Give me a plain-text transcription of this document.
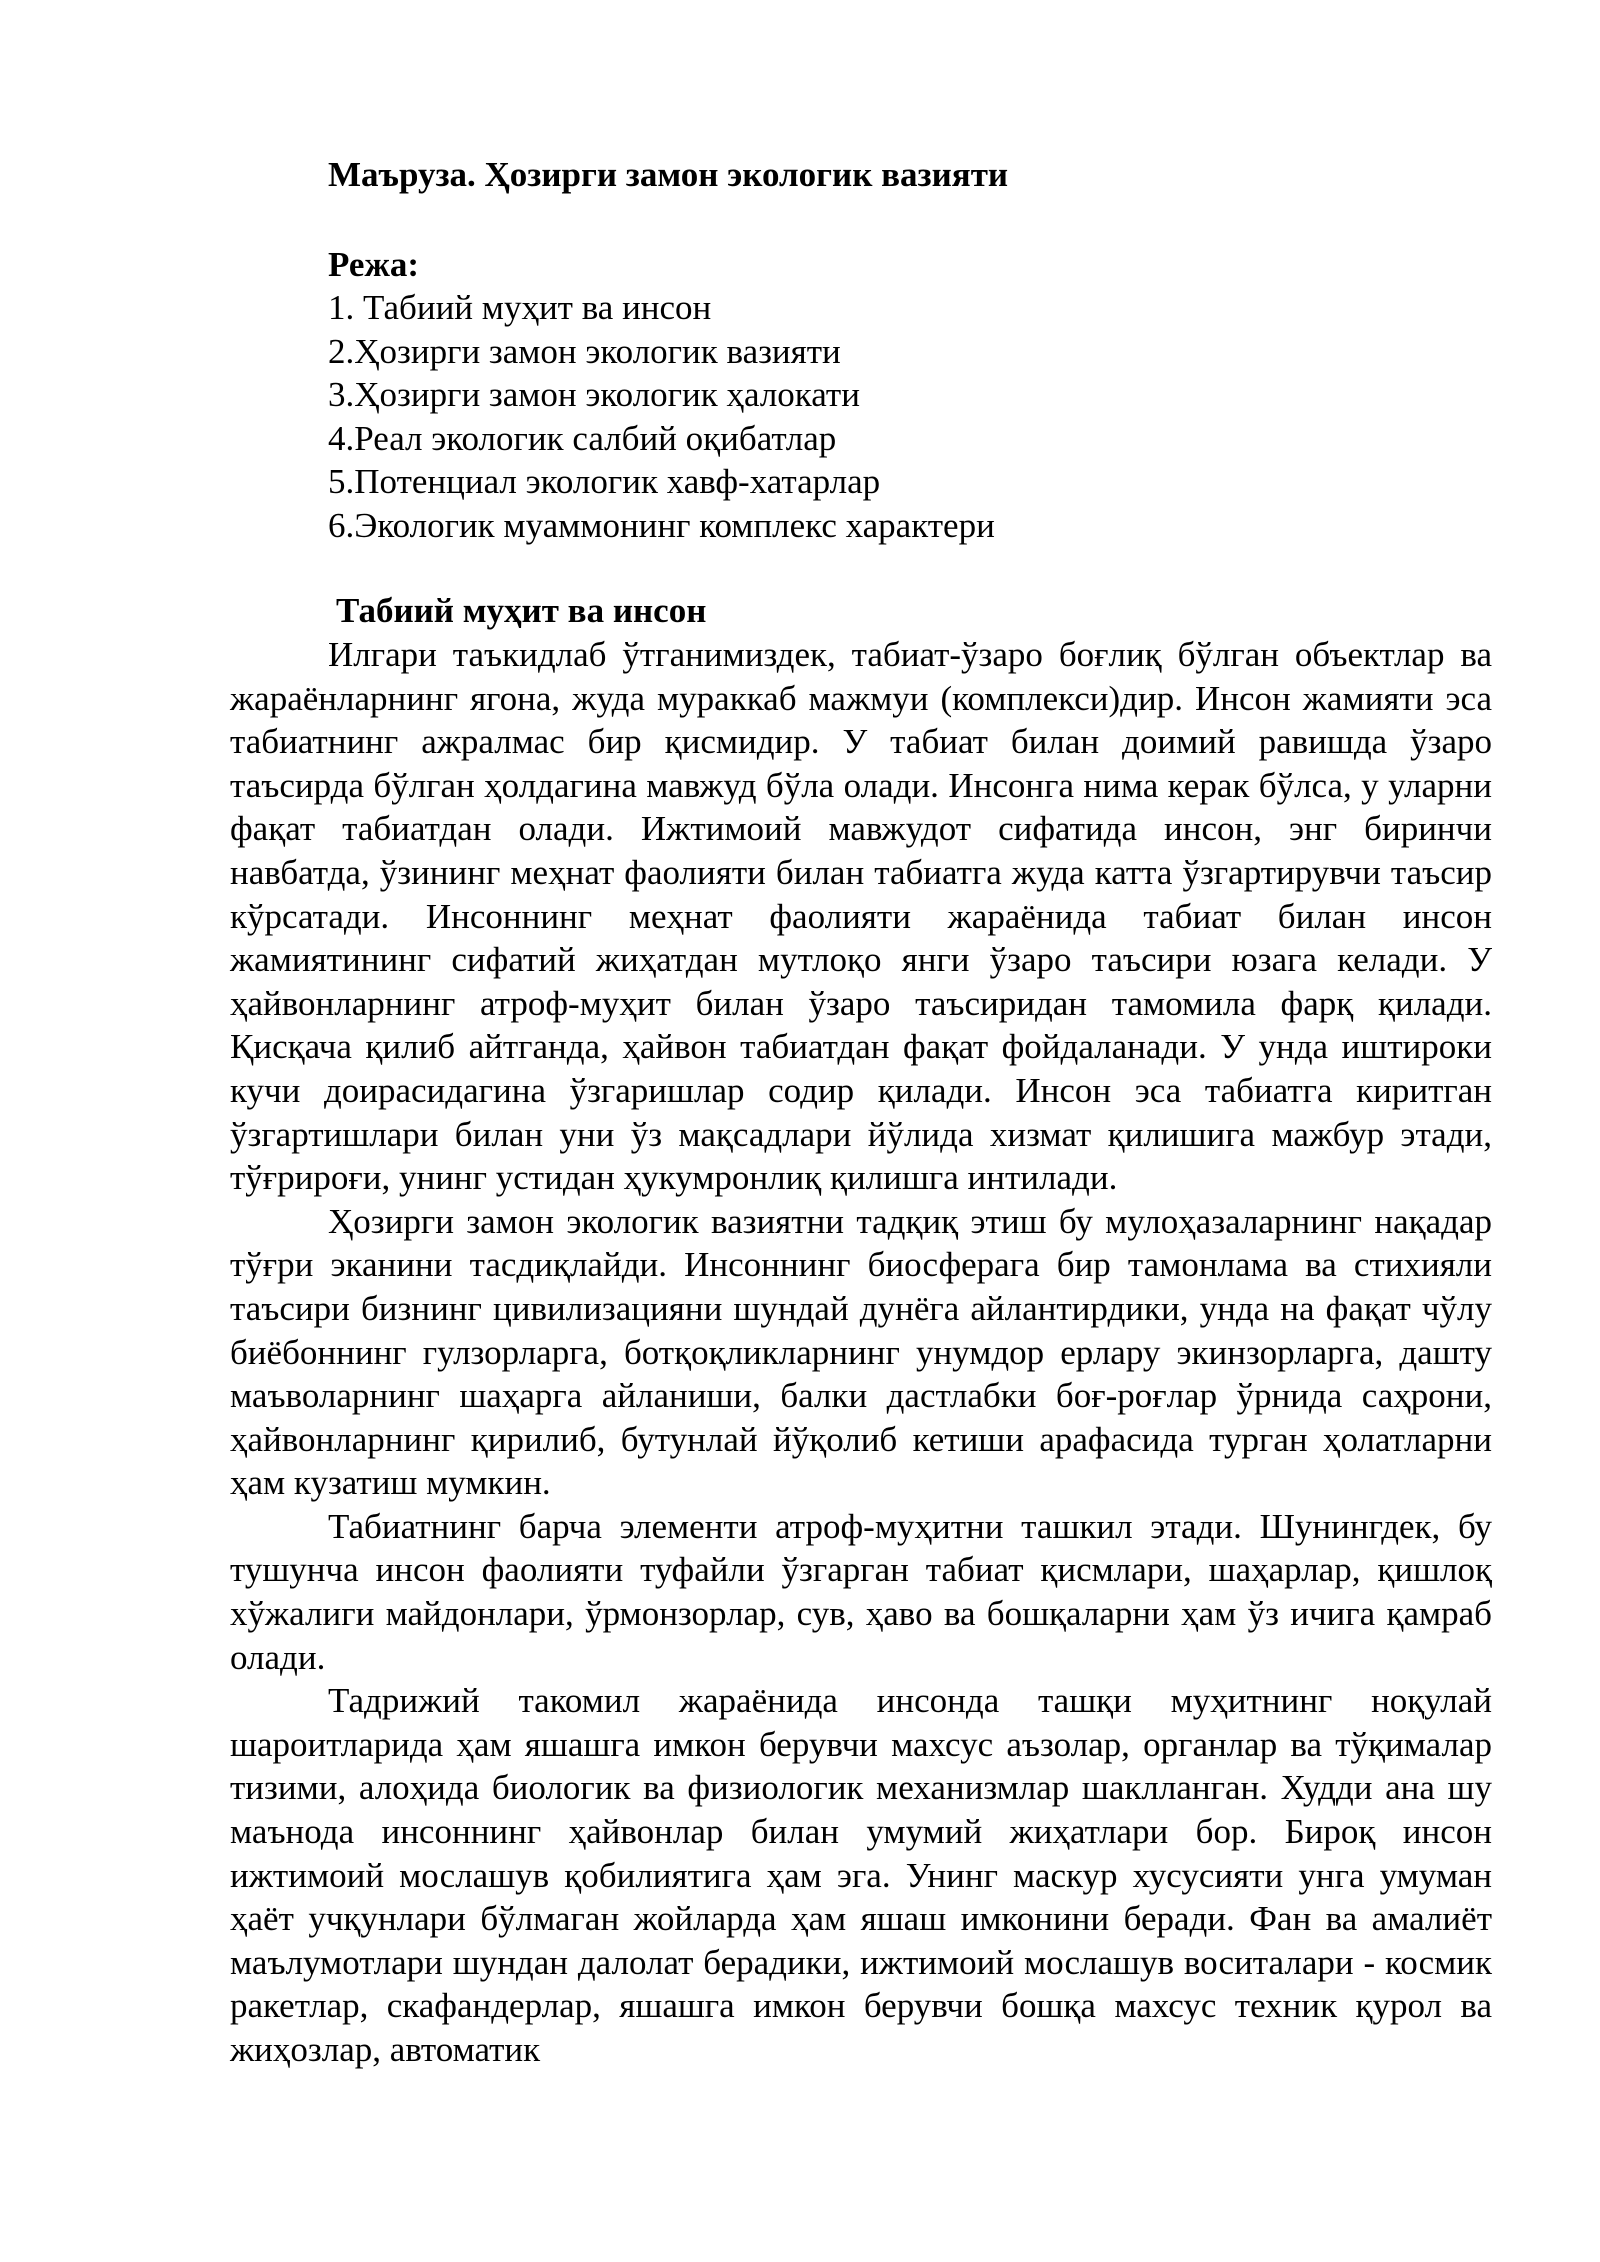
Маъруза. Ҳозирги замон экологик вазияти
Режа:
1. Табиий муҳит ва инсон
2.Ҳозирги замон экологик вазияти
3.Ҳозирги замон экологик ҳалокати
4.Реал экологик салбий оқибатлар
5.Потенциал экологик хавф-хатарлар
6.Экологик муаммонинг комплекс характери
Табиий муҳит ва инсон

Илгари таъкидлаб ўтганимиздек, табиат-ўзаро боғлиқ бўлган объектлар ва жараёнларнинг ягона, жуда мураккаб мажмуи (комплекси)дир. Инсон жамияти эса табиатнинг ажралмас бир қисмидир. У табиат билан доимий равишда ўзаро таъсирда бўлган ҳолдагина мавжуд бўла олади. Инсонга нима керак бўлса, у уларни фақат табиатдан олади. Ижтимоий мавжудот сифатида инсон, энг биринчи навбатда, ўзининг меҳнат фаолияти билан табиатга жуда катта ўзгартирувчи таъсир кўрсатади. Инсоннинг меҳнат фаолияти жараёнида табиат билан инсон жамиятининг сифатий жиҳатдан мутлоқо янги ўзаро таъсири юзага келади. У ҳайвонларнинг атроф-муҳит билан ўзаро таъсиридан тамомила фарқ қилади. Қисқача қилиб айтганда, ҳайвон табиатдан фақат фойдаланади. У унда иштироки кучи доирасидагина ўзгаришлар содир қилади. Инсон эса табиатга киритган ўзгартишлари билан уни ўз мақсадлари йўлида хизмат қилишига мажбур этади, тўғрироғи, унинг устидан ҳукумронлиқ қилишга интилади.

Ҳозирги замон экологик вазиятни тадқиқ этиш бу мулоҳазаларнинг нақадар тўғри эканини тасдиқлайди. Инсоннинг биосферага бир тамонлама ва стихияли таъсири бизнинг цивилизацияни шундай дунёга айлантирдики, унда на фақат чўлу биёбоннинг гулзорларга, ботқоқликларнинг унумдор ерлару экинзорларга, дашту маъволарнинг шаҳарга айланиши, балки дастлабки боғ-роғлар ўрнида саҳрони, ҳайвонларнинг қирилиб, бутунлай йўқолиб кетиши арафасида турган ҳолатларни ҳам кузатиш мумкин.

Табиатнинг барча элементи атроф-муҳитни ташкил этади. Шунингдек, бу тушунча инсон фаолияти туфайли ўзгарган табиат қисмлари, шаҳарлар, қишлоқ хўжалиги майдонлари, ўрмонзорлар, сув, ҳаво ва бошқаларни ҳам ўз ичига қамраб олади.

Тадрижий такомил жараёнида инсонда ташқи муҳитнинг ноқулай шароитларида ҳам яшашга имкон берувчи махсус аъзолар, органлар ва тўқималар тизими, алоҳида биологик ва физиологик механизмлар шаклланган. Худди ана шу маънода инсоннинг ҳайвонлар билан умумий жиҳатлари бор. Бироқ инсон ижтимоий мослашув қобилиятига ҳам эга. Унинг маскур хусусияти унга умуман ҳаёт учқунлари бўлмаган жойларда ҳам яшаш имконини беради. Фан ва амалиёт маълумотлари шундан далолат берадики, ижтимоий мослашув воситалари - космик ракетлар, скафандерлар, яшашга имкон берувчи бошқа махсус техник қурол ва жиҳозлар, автоматик
